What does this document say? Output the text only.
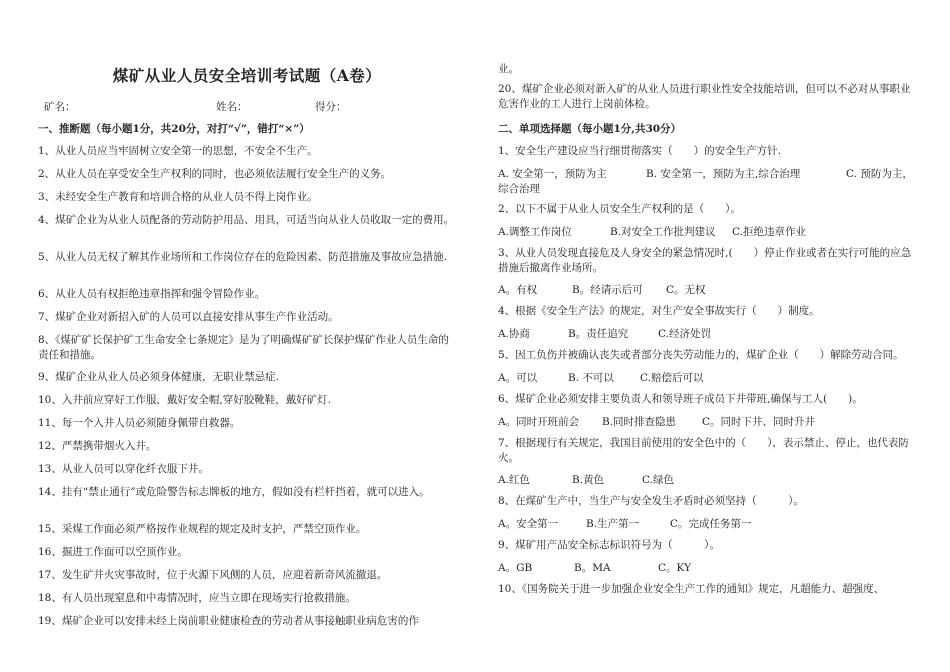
煤矿从业人员安全培训考试题（A卷）
矿名：	姓名：	得分：
一、推断题（每小题1分，共20分，对打“√”，错打“×”）
1、从业人员应当牢固树立安全第一的思想，不安全不生产。
2、从业人员在享受安全生产权利的同时，也必须依法履行安全生产的义务。
3、未经安全生产教育和培训合格的从业人员不得上岗作业。
4、煤矿企业为从业人员配备的劳动防护用品、用具，可适当向从业人员收取一定的费用。
5、从业人员无权了解其作业场所和工作岗位存在的危险因素、防范措施及事故应急措施.
6、从业人员有权拒绝违章指挥和强令冒险作业。
7、煤矿企业对新招入矿的人员可以直接安排从事生产作业活动。
8、《煤矿矿长保护矿工生命安全七条规定》是为了明确煤矿矿长保护煤矿作业人员生命的责任和措施。
9、煤矿企业从业人员必须身体健康，无职业禁忌症.
10、入井前应穿好工作服，戴好安全帽,穿好胶靴鞋，戴好矿灯.
11、每一个入井人员必须随身佩带自救器。
12、严禁携带烟火入井。
13、从业人员可以穿化纤衣服下井。
14、挂有“禁止通行”或危险警告标志牌板的地方，假如没有栏杆挡着，就可以进入。
15、采煤工作面必须严格按作业规程的规定及时支护，严禁空顶作业。
16、掘进工作面可以空顶作业。
17、发生矿井火灾事故时，位于火源下风侧的人员，应迎着新奇风流撤退。
18、有人员出现窒息和中毒情况时，应当立即在现场实行抢救措施。
19、煤矿企业可以安排未经上岗前职业健康检查的劳动者从事接触职业病危害的作
业。
20、煤矿企业必须对新入矿的从业人员进行职业性安全技能培训，但可以不必对从事职业危害作业的工人进行上岗前体检。
二、单项选择题（每小题1分,共30分）
1、安全生产建设应当行细贯彻落实（　　）的安全生产方针.
A. 安全第一，预防为主	B. 安全第一，预防为主,综合治理	C. 预防为主，
综合治理
2、以下不属于从业人员安全生产权利的是（　　）。
A.调整工作岗位	B.对安全工作批判建议 C.拒绝违章作业
3、从业人员发现直接危及人身安全的紧急情况时,(　　）停止作业或者在实行可能的应急措施后撤离作业场所。
A。有权	B。经请示后可 C。无权
4、根据《安全生产法》的规定，对生产安全事故实行（　　）制度。
A.协商	B。责任追究	C.经济处罚
5、因工负伤并被确认丧失或者部分丧失劳动能力的，煤矿企业（　　）解除劳动合同。
A。可以	B. 不可以 C.赔偿后可以
6、煤矿企业必须安排主要负责人和领导班子成员下井带班,确保与工人(　　)。
A。同时开班前会 B.同时排查隐患 C。同时下井、同时升井
7、根据现行有关规定，我国目前使用的安全色中的（　　），表示禁止、停止，也代表防火。
A.红色	B.黄色	C.绿色
8、在煤矿生产中，当生产与安全发生矛盾时必须坚持（　　　）。
A。安全第一	B.生产第一	C。完成任务第一
9、煤矿用产品安全标志标识符号为（　　　）。
A。GB	B。MA	C。KY
10、《国务院关于进一步加强企业安全生产工作的通知》规定，凡超能力、超强度、
